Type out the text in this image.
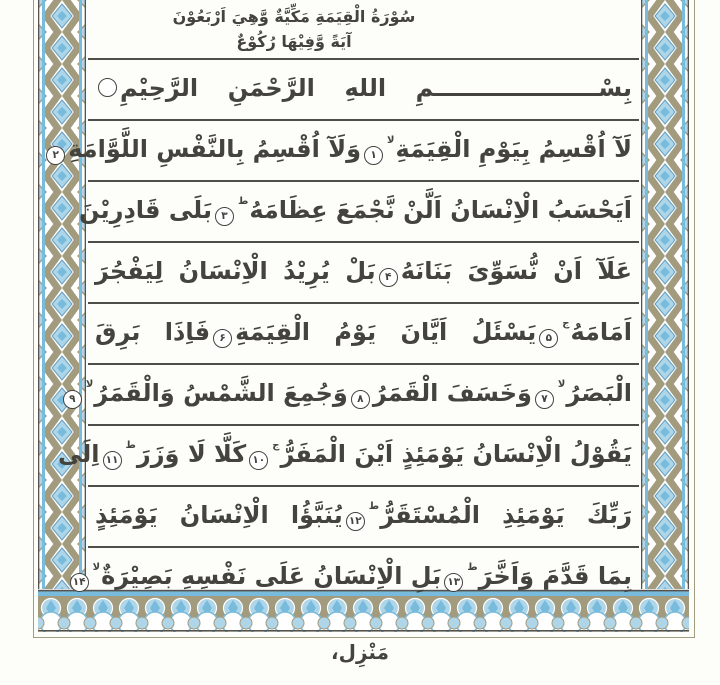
سُوْرَةُ الْقِيَمَةِ مَكِّيَّةٌ وَّهِيَ اَرْبَعُوْنَ
آيَةً وَّفِيْهَا رُكُوْعٌ
بِسْــــــــــــــــــــمِ اللهِ الرَّحْمَنِ الرَّحِيْمِ
لَآ اُقْسِمُ بِيَوْمِ الْقِيَمَةِلا۱وَلَآ اُقْسِمُ بِالنَّفْسِ اللَّوَّامَةِ۲
اَيَحْسَبُ الْاِنْسَانُ اَلَّنْ نَّجْمَعَ عِظَامَهُط۳بَلَى قَادِرِيْنَ
عَلَآ اَنْ نُّسَوِّىَ بَنَانَهُ۴بَلْ يُرِيْدُ الْاِنْسَانُ لِيَفْجُرَ
اَمَامَهُج۵يَسْئَلُ اَيَّانَ يَوْمُ الْقِيَمَةِ۶فَاِذَا بَرِقَ
الْبَصَرُلا۷وَخَسَفَ الْقَمَرُ۸وَجُمِعَ الشَّمْسُ وَالْقَمَرُلا۹
يَقُوْلُ الْاِنْسَانُ يَوْمَئِذٍ اَيْنَ الْمَفَرُّج۱۰كَلَّا لَا وَزَرَط۱۱اِلَى
رَبِّكَ يَوْمَئِذِ الْمُسْتَقَرُّط۱۲يُنَبَّؤُا الْاِنْسَانُ يَوْمَئِذٍ
بِمَا قَدَّمَ وَاَخَّرَط۱۳بَلِ الْاِنْسَانُ عَلَى نَفْسِهِ بَصِيْرَةٌلا۱۴
مَنْزِل،
